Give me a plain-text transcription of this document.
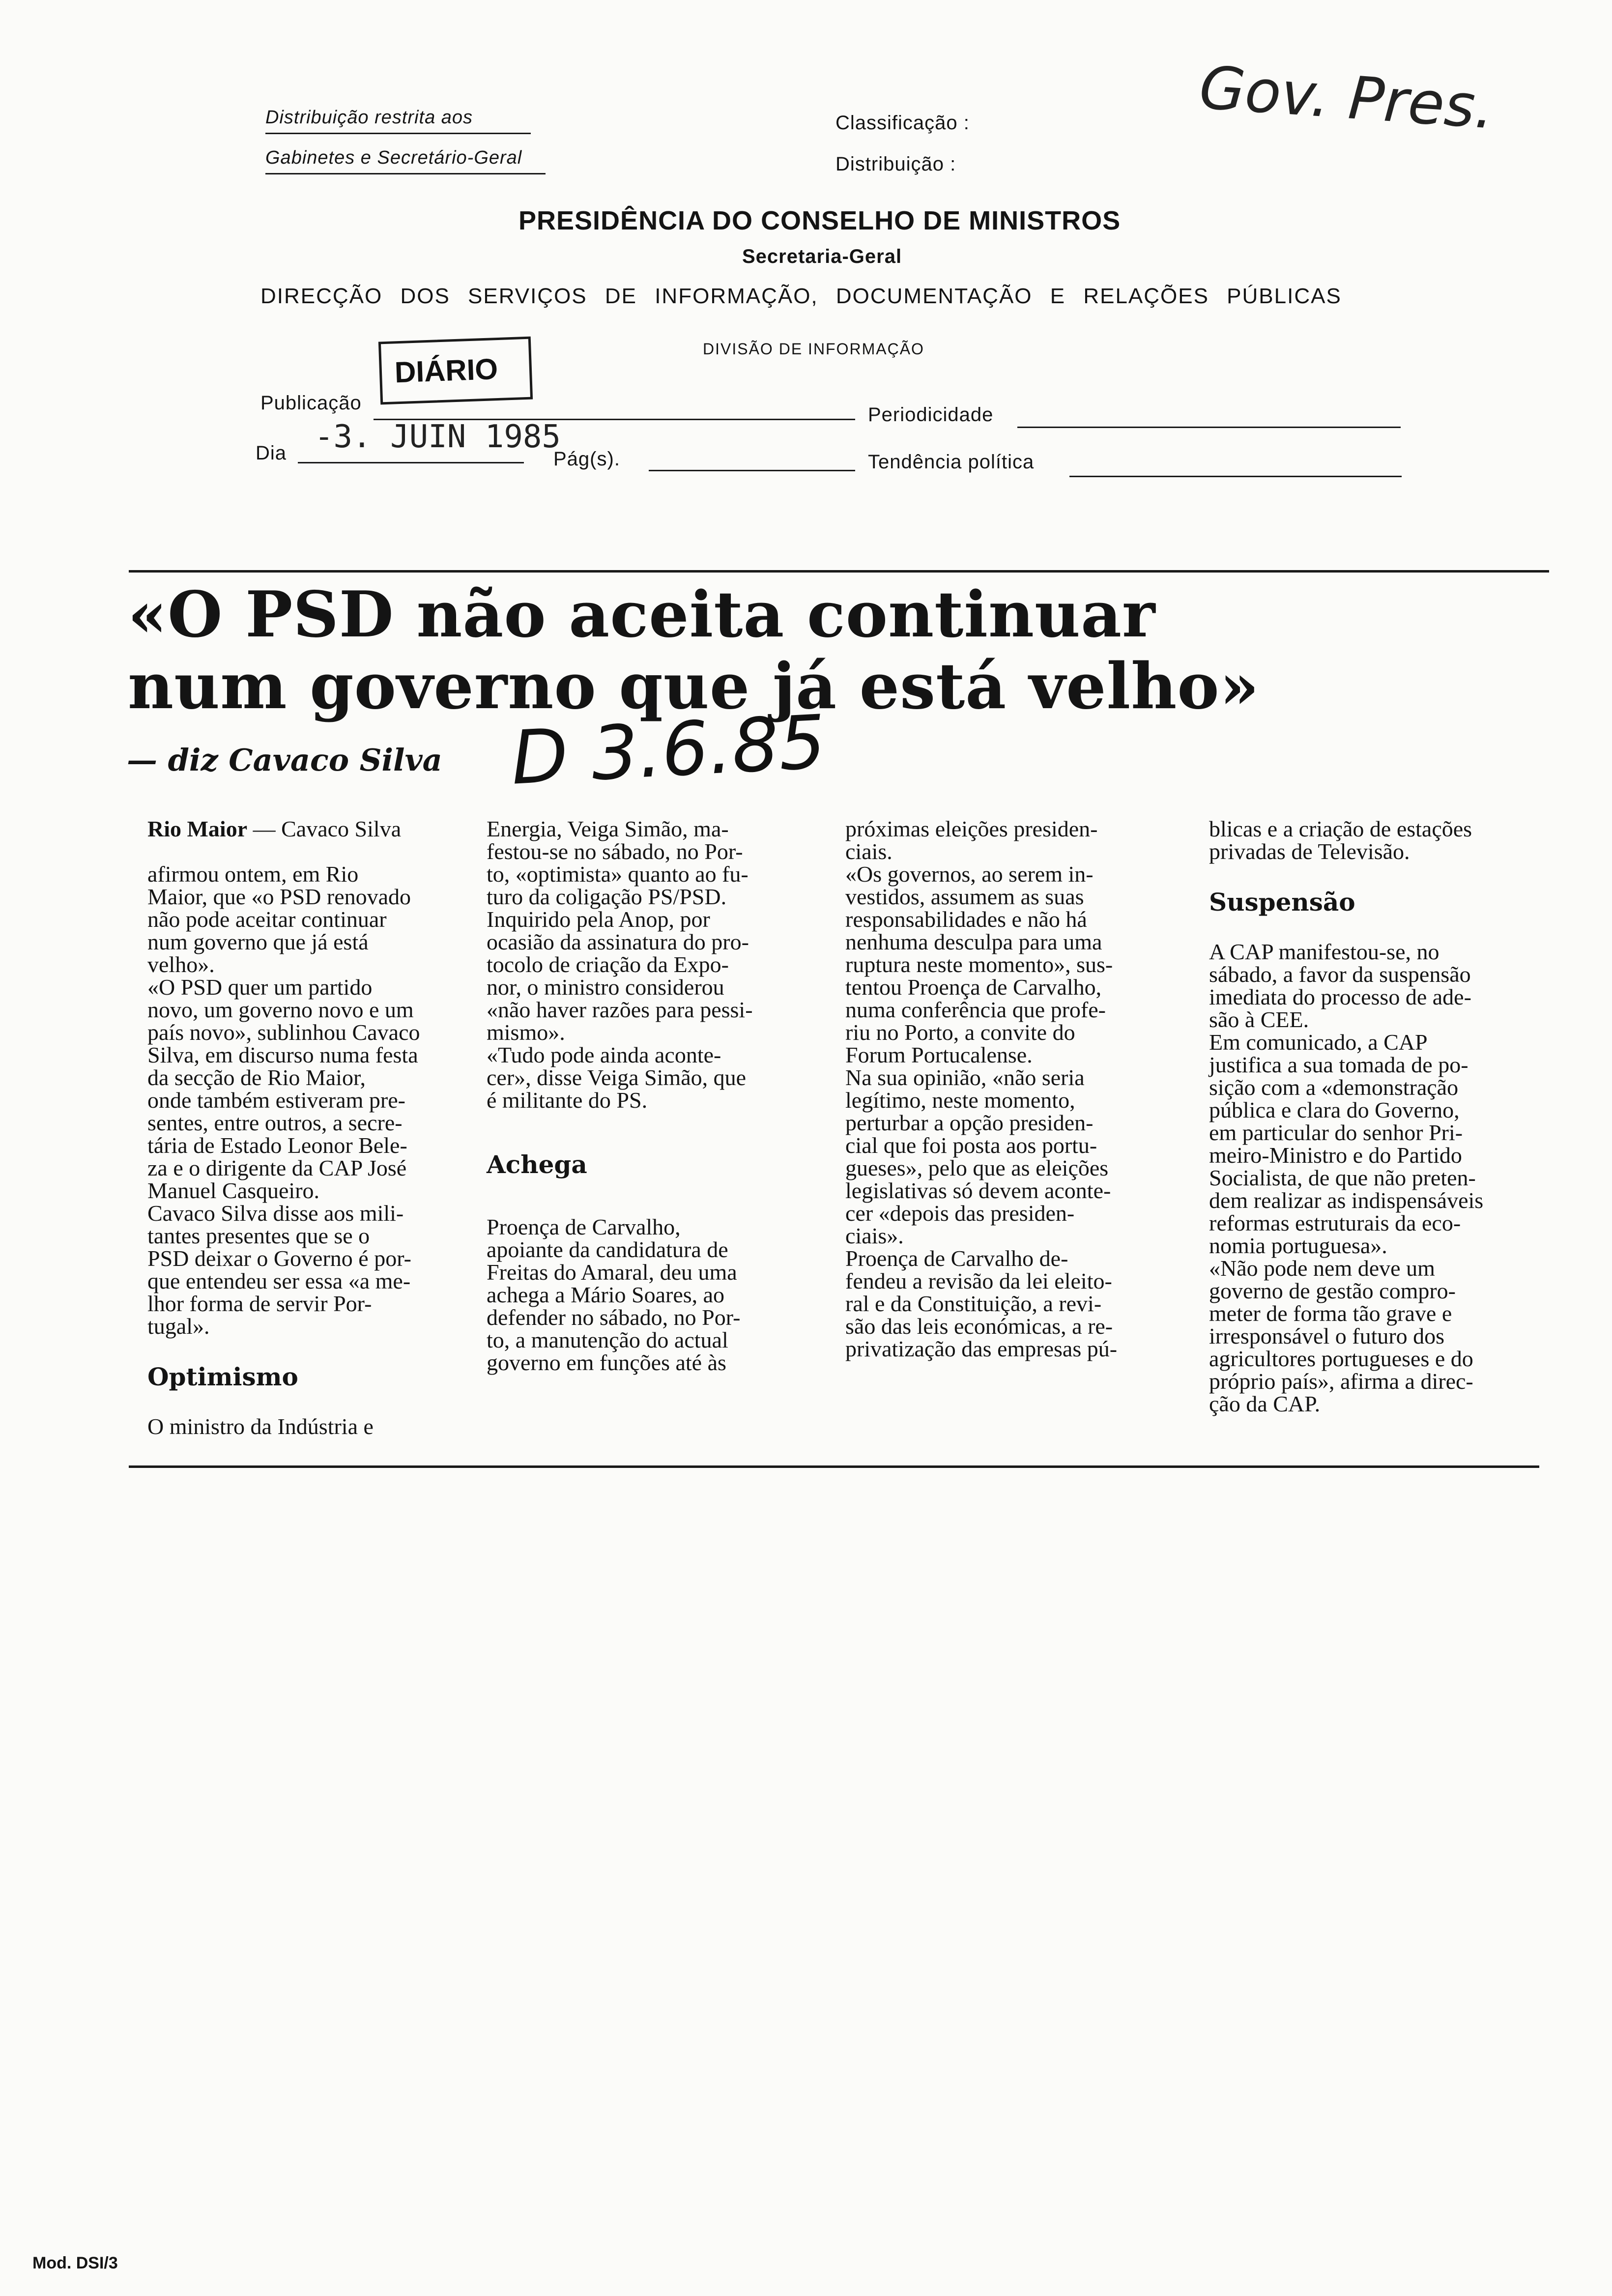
Distribuição restrita aos
Gabinetes e Secretário-Geral
Classificação :
Distribuição :
Gov. Pres.
PRESIDÊNCIA DO CONSELHO DE MINISTROS
Secretaria-Geral
DIRECÇÃO DOS SERVIÇOS DE INFORMAÇÃO, DOCUMENTAÇÃO E RELAÇÕES PÚBLICAS
DIVISÃO DE INFORMAÇÃO
DIÁRIO
Publicação
Periodicidade
Dia -3. JUIN 1985
Pág(s).	Tendência política
«O PSD não aceita continuar
num governo que já está velho»
— diz Cavaco Silva D 3.6.85

Rio Maior — Cavaco Silva

afirmou ontem, em Rio
Maior, que «o PSD renovado
não pode aceitar continuar
num governo que já está
velho».
«O PSD quer um partido
novo, um governo novo e um
país novo», sublinhou Cavaco
Silva, em discurso numa festa
da secção de Rio Maior,
onde também estiveram pre-
sentes, entre outros, a secre-
tária de Estado Leonor Bele-
za e o dirigente da CAP José
Manuel Casqueiro.
Cavaco Silva disse aos mili-
tantes presentes que se o
PSD deixar o Governo é por-
que entendeu ser essa «a me-
lhor forma de servir Por-
tugal».

Optimismo

O ministro da Indústria e

Energia, Veiga Simão, ma-
festou-se no sábado, no Por-
to, «optimista» quanto ao fu-
turo da coligação PS/PSD.
Inquirido pela Anop, por
ocasião da assinatura do pro-
tocolo de criação da Expo-
nor, o ministro considerou
«não haver razões para pessi-
mismo».
«Tudo pode ainda aconte-
cer», disse Veiga Simão, que
é militante do PS.

Achega

Proença de Carvalho,
apoiante da candidatura de
Freitas do Amaral, deu uma
achega a Mário Soares, ao
defender no sábado, no Por-
to, a manutenção do actual
governo em funções até às

próximas eleições presiden-
ciais.
«Os governos, ao serem in-
vestidos, assumem as suas
responsabilidades e não há
nenhuma desculpa para uma
ruptura neste momento», sus-
tentou Proença de Carvalho,
numa conferência que profe-
riu no Porto, a convite do
Forum Portucalense.
Na sua opinião, «não seria
legítimo, neste momento,
perturbar a opção presiden-
cial que foi posta aos portu-
gueses», pelo que as eleições
legislativas só devem aconte-
cer «depois das presiden-
ciais».
Proença de Carvalho de-
fendeu a revisão da lei eleito-
ral e da Constituição, a revi-
são das leis económicas, a re-
privatização das empresas pú-

blicas e a criação de estações
privadas de Televisão.

Suspensão

A CAP manifestou-se, no
sábado, a favor da suspensão
imediata do processo de ade-
são à CEE.
Em comunicado, a CAP
justifica a sua tomada de po-
sição com a «demonstração
pública e clara do Governo,
em particular do senhor Pri-
meiro-Ministro e do Partido
Socialista, de que não preten-
dem realizar as indispensáveis
reformas estruturais da eco-
nomia portuguesa».
«Não pode nem deve um
governo de gestão compro-
meter de forma tão grave e
irresponsável o futuro dos
agricultores portugueses e do
próprio país», afirma a direc-
ção da CAP.

Mod. DSI/3
